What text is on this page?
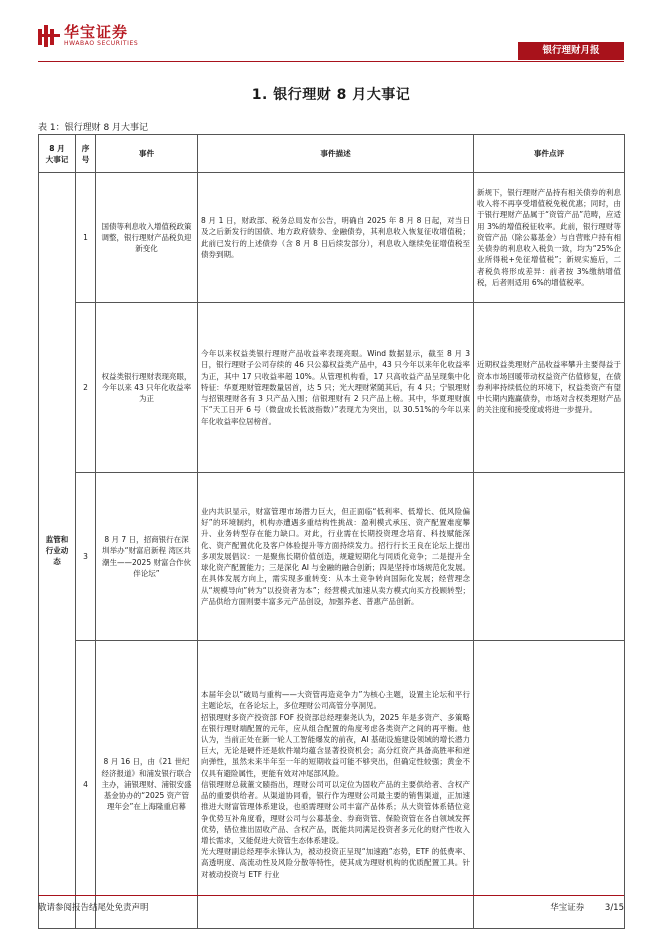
华宝证券
HWABAO SECURITIES
银行理财月报
1. 银行理财 8 月大事记
表 1：银行理财 8 月大事记
8 月
大事记	序
号	事件	事件描述	事件点评
监管和
行业动
态	1	国债等利息收入增值税政策调整，银行理财产品税负迎新变化	8 月 1 日，财政部、税务总局发布公告，明确自 2025 年 8 月 8 日起，对当日及之后新发行的国债、地方政府债券、金融债券，其利息收入恢复征收增值税；此前已发行的上述债券（含 8 月 8 日后续发部分），利息收入继续免征增值税至债券到期。	新规下，银行理财产品持有相关债券的利息收入将不再享受增值税免税优惠；同时，由于银行理财产品属于“资管产品”范畴，应适用 3%的增值税征收率。此前，银行理财等资管产品（除公募基金）与自营账户持有相关债券的利息收入税负一致，均为“25%企业所得税+免征增值税”；新规实施后，二者税负将形成差异：前者按 3%缴纳增值税，后者则适用 6%的增值税率。
	2	权益类银行理财表现亮眼，今年以来 43 只年化收益率为正	今年以来权益类银行理财产品收益率表现亮眼。Wind 数据显示，截至 8 月 3 日，银行理财子公司存续的 46 只公募权益类产品中，43 只今年以来年化收益率为正，其中 17 只收益率超 10%。从管理机构看，17 只高收益产品呈现集中化特征：华夏理财管理数量居首，达 5 只；光大理财紧随其后，有 4 只；宁银理财与招银理财各有 3 只产品入围；信银理财有 2 只产品上榜。其中，华夏理财旗下“天工日开 6 号（微盘成长低波指数）”表现尤为突出，以 30.51%的今年以来年化收益率位居榜首。	近期权益类理财产品收益率攀升主要得益于资本市场回暖带动权益资产估值修复，在债券利率持续低位的环境下，权益类资产有望中长期内跑赢债券，市场对含权类理财产品的关注度和接受度或将进一步提升。
	3	8 月 7 日，招商银行在深圳举办“财富启新程 湾区共潮生——2025 财富合作伙伴论坛”	业内共识显示，财富管理市场潜力巨大，但正面临“低利率、低增长、低风险偏好”的环境制约，机构亦遭遇多重结构性挑战：盈利模式承压、资产配置难度攀升、业务转型存在能力缺口。对此，行业需在长期投资理念培育、科技赋能深化、资产配置优化及客户体验提升等方面持续发力。招行行长王良在论坛上提出多项发展倡议：一是聚焦长期价值创造，规避短期化与同质化竞争；二是提升全球化资产配置能力；三是深化 AI 与金融的融合创新；四是坚持市场规范化发展。在具体发展方向上，需实现多重转变：从本土竞争转向国际化发展；经营理念从“规模导向”转为“以投资者为本”；经营模式加速从卖方模式向买方投顾转型；产品供给方面则要丰富多元产品创设，加强养老、普惠产品创新。	

	4	8 月 16 日，由《21 世纪经济报道》和浦发银行联合主办，浦银理财、浦银安盛基金协办的“2025 资产管理年会”在上海隆重启幕	本届年会以“破局与重构——大资管再造竞争力”为核心主题，设置主论坛和平行主题论坛，在各论坛上，多位理财公司高管分享洞见。
招银理财多资产投资部 FOF 投资部总经理秦尧认为，2025 年是多资产、多策略在银行理财端配置的元年，应从组合配置的角度考虑各类资产之间的再平衡。他认为，当前正处在新一轮人工智能爆发的前夜，AI 基础设施建设领域的增长潜力巨大，无论是硬件还是软件端均蕴含显著投资机会；高分红资产具备高胜率和逆向弹性，虽然未来半年至一年的短期收益可能不够突出，但确定性较强；黄金不仅具有避险属性，更能有效对冲尾部风险。
信银理财总裁董文赜指出，理财公司可以定位为固收产品的主要供给者、含权产品的重要供给者。从渠道协同看，银行作为理财公司最主要的销售渠道，正加速推进大财富管理体系建设，也亟需理财公司丰富产品体系；从大资管体系错位竞争优势互补角度看，理财公司与公募基金、券商资管、保险资管在各自领域发挥优势，错位推出固收产品、含权产品，既能共同满足投资者多元化的财产性收入增长需求，又能促进大资管生态体系建设。
光大理财副总经理李永锋认为，被动投资正呈现“加速跑”态势，ETF 的低费率、高透明度、高流动性及风险分散等特性，使其成为理财机构的优质配置工具。针对被动投资与 ETF 行业	

敬请参阅报告结尾处免责声明	华宝证券 3/15
